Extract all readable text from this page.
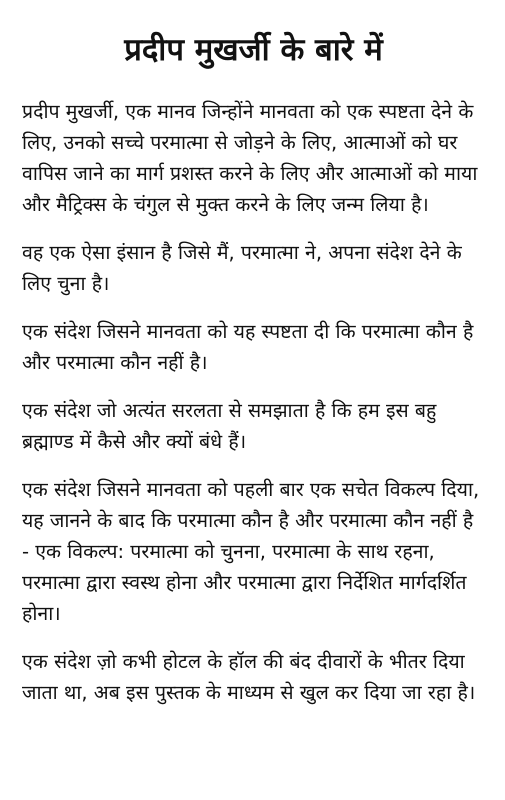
प्रदीप मुखर्जी के बारे में

प्रदीप मुखर्जी, एक मानव जिन्होंने मानवता को एक स्पष्टता देने के लिए, उनको सच्चे परमात्मा से जोड़ने के लिए, आत्माओं को घर वापिस जाने का मार्ग प्रशस्त करने के लिए और आत्माओं को माया और मैट्रिक्स के चंगुल से मुक्त करने के लिए जन्म लिया है।

वह एक ऐसा इंसान है जिसे मैं, परमात्मा ने, अपना संदेश देने के लिए चुना है।

एक संदेश जिसने मानवता को यह स्पष्टता दी कि परमात्मा कौन है और परमात्मा कौन नहीं है।

एक संदेश जो अत्यंत सरलता से समझाता है कि हम इस बहु ब्रह्माण्ड में कैसे और क्यों बंधे हैं।

एक संदेश जिसने मानवता को पहली बार एक सचेत विकल्प दिया, यह जानने के बाद कि परमात्मा कौन है और परमात्मा कौन नहीं है - एक विकल्प: परमात्मा को चुनना, परमात्मा के साथ रहना, परमात्मा द्वारा स्वस्थ होना और परमात्मा द्वारा निर्देशित मार्गदर्शित होना।

एक संदेश ज़ो कभी होटल के हॉल की बंद दीवारों के भीतर दिया जाता था, अब इस पुस्तक के माध्यम से खुल कर दिया जा रहा है।
